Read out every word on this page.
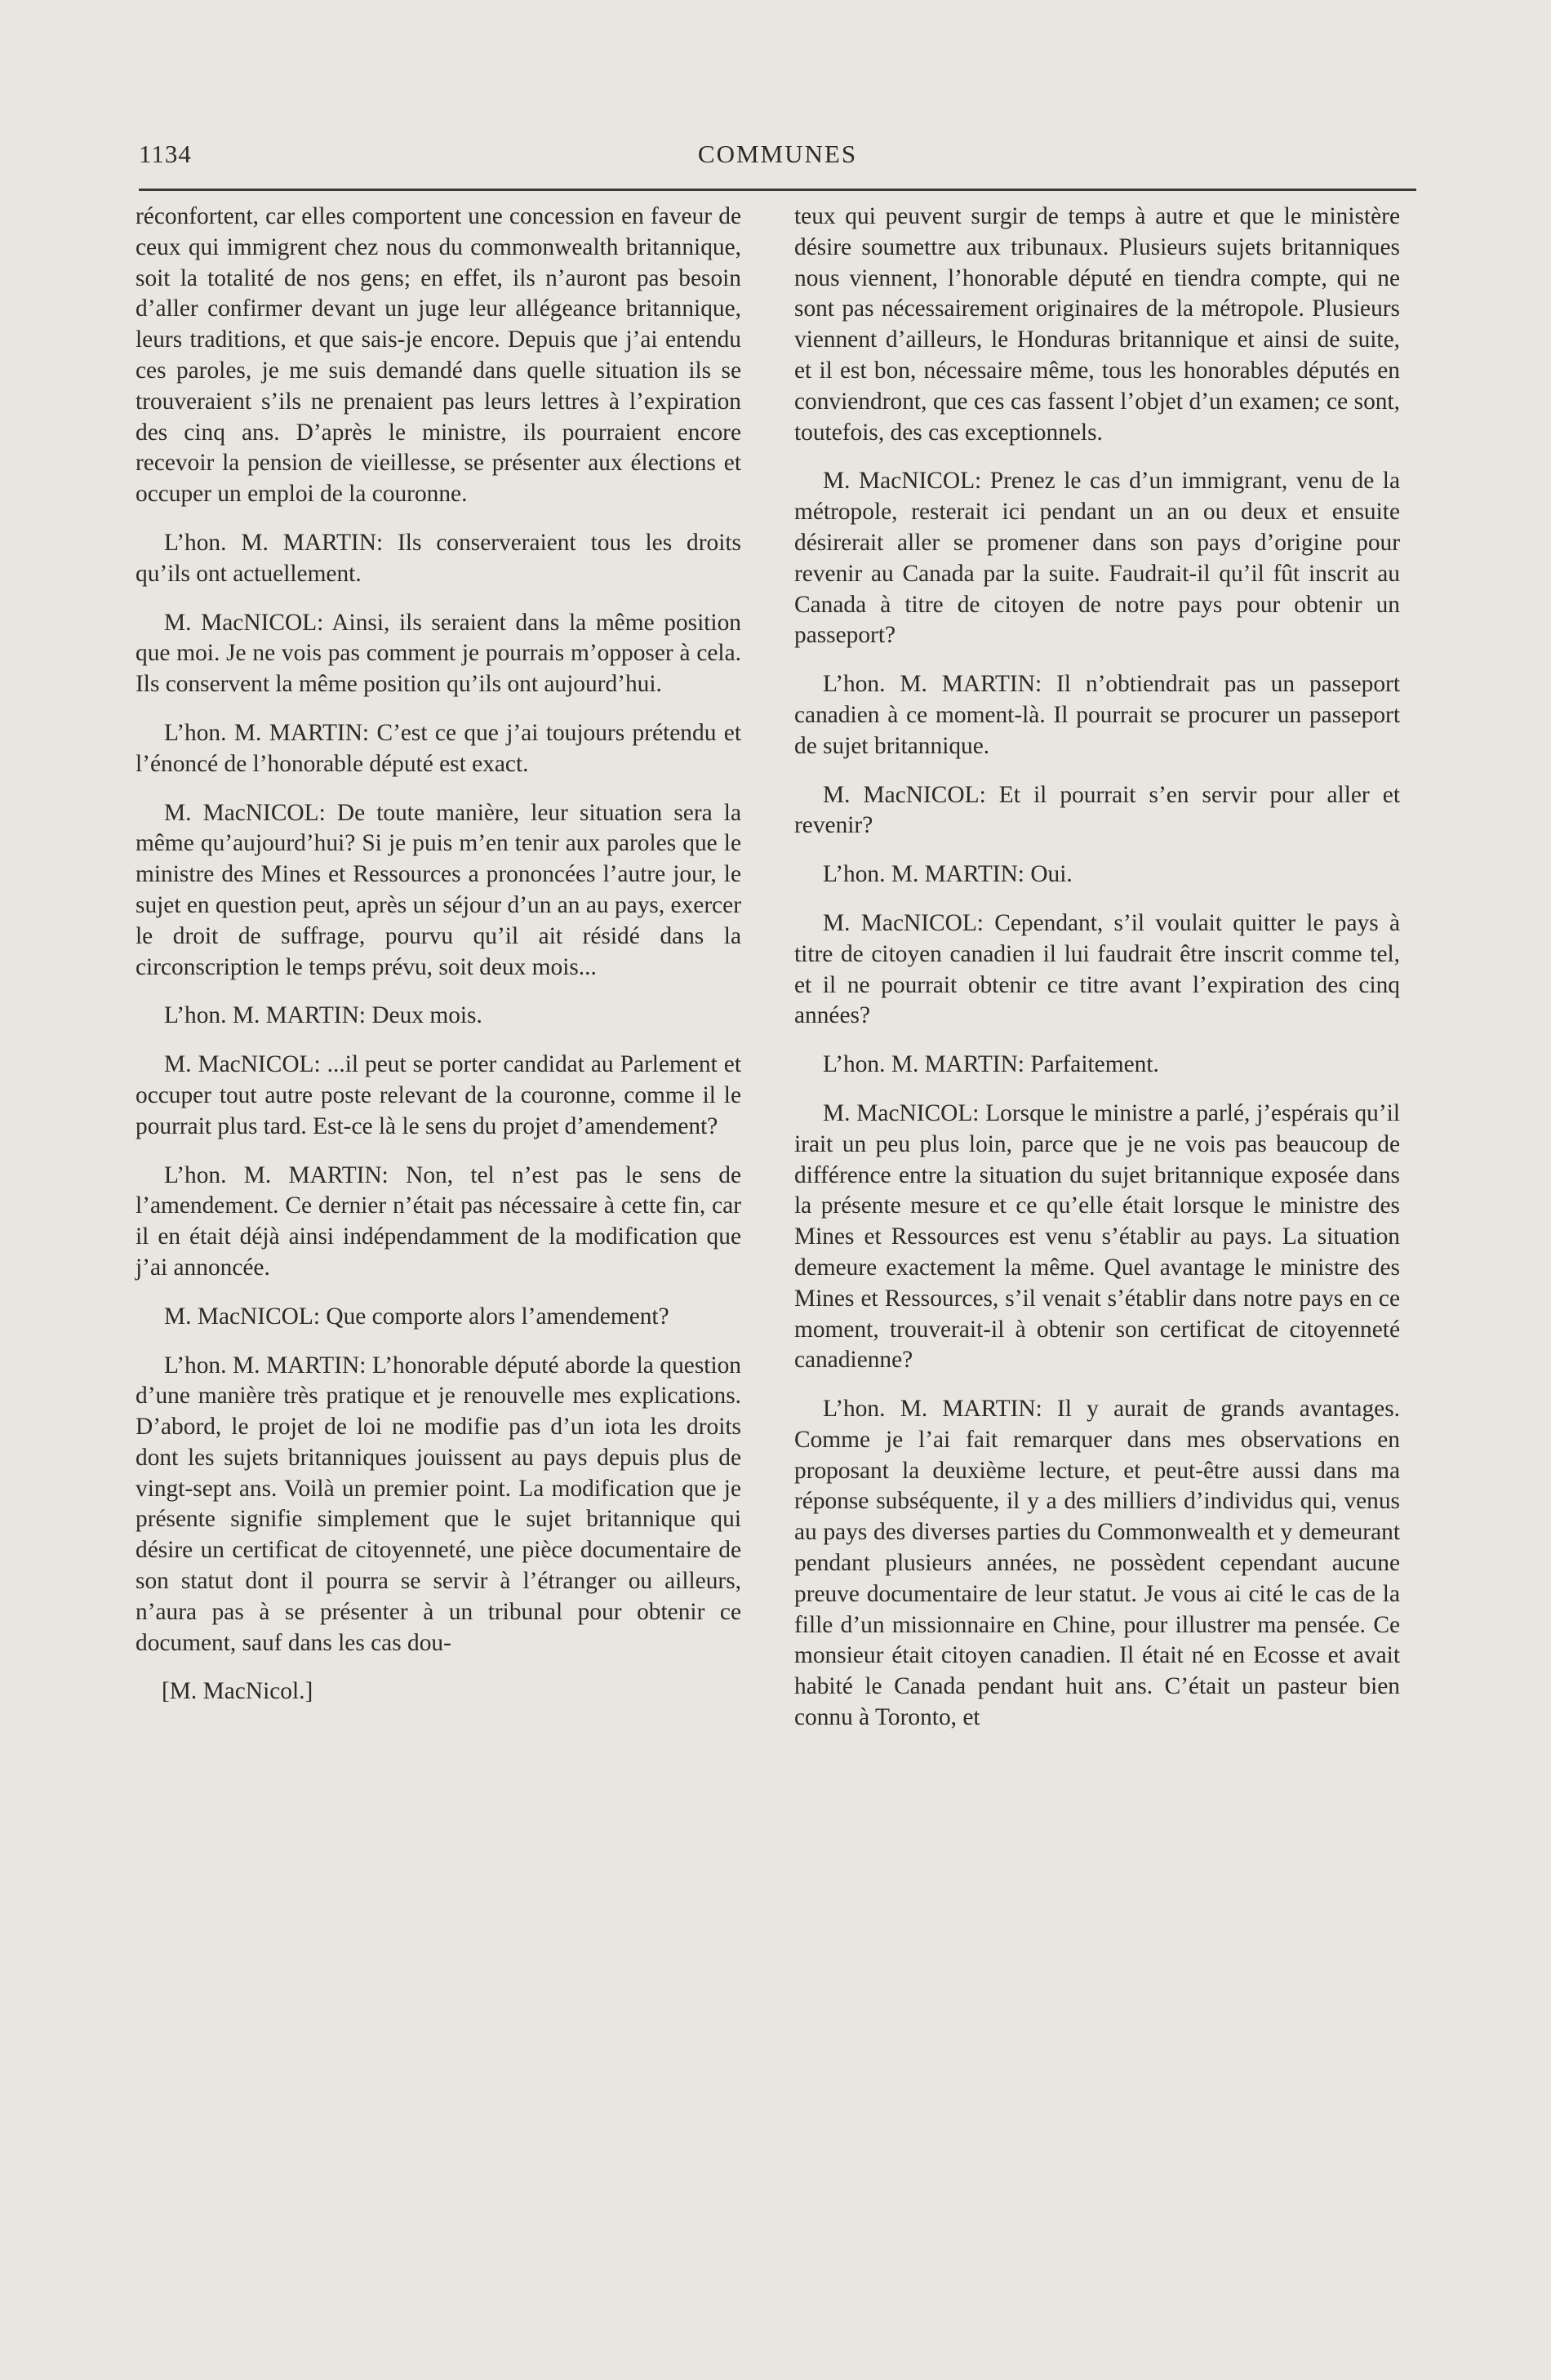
1134	COMMUNES

réconfortent, car elles comportent une concession en faveur de ceux qui immigrent chez nous du commonwealth britannique, soit la totalité de nos gens; en effet, ils n’auront pas besoin d’aller confirmer devant un juge leur allégeance britannique, leurs traditions, et que sais-je encore. Depuis que j’ai entendu ces paroles, je me suis demandé dans quelle situation ils se trouveraient s’ils ne prenaient pas leurs lettres à l’expiration des cinq ans. D’après le ministre, ils pourraient encore recevoir la pension de vieillesse, se présenter aux élections et occuper un emploi de la couronne.

L’hon. M. MARTIN: Ils conserveraient tous les droits qu’ils ont actuellement.

M. MacNICOL: Ainsi, ils seraient dans la même position que moi. Je ne vois pas comment je pourrais m’opposer à cela. Ils conservent la même position qu’ils ont aujourd’hui.

L’hon. M. MARTIN: C’est ce que j’ai toujours prétendu et l’énoncé de l’honorable député est exact.

M. MacNICOL: De toute manière, leur situation sera la même qu’aujourd’hui? Si je puis m’en tenir aux paroles que le ministre des Mines et Ressources a prononcées l’autre jour, le sujet en question peut, après un séjour d’un an au pays, exercer le droit de suffrage, pourvu qu’il ait résidé dans la circonscription le temps prévu, soit deux mois...

L’hon. M. MARTIN: Deux mois.

M. MacNICOL: ...il peut se porter candidat au Parlement et occuper tout autre poste relevant de la couronne, comme il le pourrait plus tard. Est-ce là le sens du projet d’amendement?

L’hon. M. MARTIN: Non, tel n’est pas le sens de l’amendement. Ce dernier n’était pas nécessaire à cette fin, car il en était déjà ainsi indépendamment de la modification que j’ai annoncée.

M. MacNICOL: Que comporte alors l’amendement?

L’hon. M. MARTIN: L’honorable député aborde la question d’une manière très pratique et je renouvelle mes explications. D’abord, le projet de loi ne modifie pas d’un iota les droits dont les sujets britanniques jouissent au pays depuis plus de vingt-sept ans. Voilà un premier point. La modification que je présente signifie simplement que le sujet britannique qui désire un certificat de citoyenneté, une pièce documentaire de son statut dont il pourra se servir à l’étranger ou ailleurs, n’aura pas à se présenter à un tribunal pour obtenir ce document, sauf dans les cas dou-

[M. MacNicol.]

teux qui peuvent surgir de temps à autre et que le ministère désire soumettre aux tribunaux. Plusieurs sujets britanniques nous viennent, l’honorable député en tiendra compte, qui ne sont pas nécessairement originaires de la métropole. Plusieurs viennent d’ailleurs, le Honduras britannique et ainsi de suite, et il est bon, nécessaire même, tous les honorables députés en conviendront, que ces cas fassent l’objet d’un examen; ce sont, toutefois, des cas exceptionnels.

M. MacNICOL: Prenez le cas d’un immigrant, venu de la métropole, resterait ici pendant un an ou deux et ensuite désirerait aller se promener dans son pays d’origine pour revenir au Canada par la suite. Faudrait-il qu’il fût inscrit au Canada à titre de citoyen de notre pays pour obtenir un passeport?

L’hon. M. MARTIN: Il n’obtiendrait pas un passeport canadien à ce moment-là. Il pourrait se procurer un passeport de sujet britannique.

M. MacNICOL: Et il pourrait s’en servir pour aller et revenir?

L’hon. M. MARTIN: Oui.

M. MacNICOL: Cependant, s’il voulait quitter le pays à titre de citoyen canadien il lui faudrait être inscrit comme tel, et il ne pourrait obtenir ce titre avant l’expiration des cinq années?

L’hon. M. MARTIN: Parfaitement.

M. MacNICOL: Lorsque le ministre a parlé, j’espérais qu’il irait un peu plus loin, parce que je ne vois pas beaucoup de différence entre la situation du sujet britannique exposée dans la présente mesure et ce qu’elle était lorsque le ministre des Mines et Ressources est venu s’établir au pays. La situation demeure exactement la même. Quel avantage le ministre des Mines et Ressources, s’il venait s’établir dans notre pays en ce moment, trouverait-il à obtenir son certificat de citoyenneté canadienne?

L’hon. M. MARTIN: Il y aurait de grands avantages. Comme je l’ai fait remarquer dans mes observations en proposant la deuxième lecture, et peut-être aussi dans ma réponse subséquente, il y a des milliers d’individus qui, venus au pays des diverses parties du Commonwealth et y demeurant pendant plusieurs années, ne possèdent cependant aucune preuve documentaire de leur statut. Je vous ai cité le cas de la fille d’un missionnaire en Chine, pour illustrer ma pensée. Ce monsieur était citoyen canadien. Il était né en Ecosse et avait habité le Canada pendant huit ans. C’était un pasteur bien connu à Toronto, et
